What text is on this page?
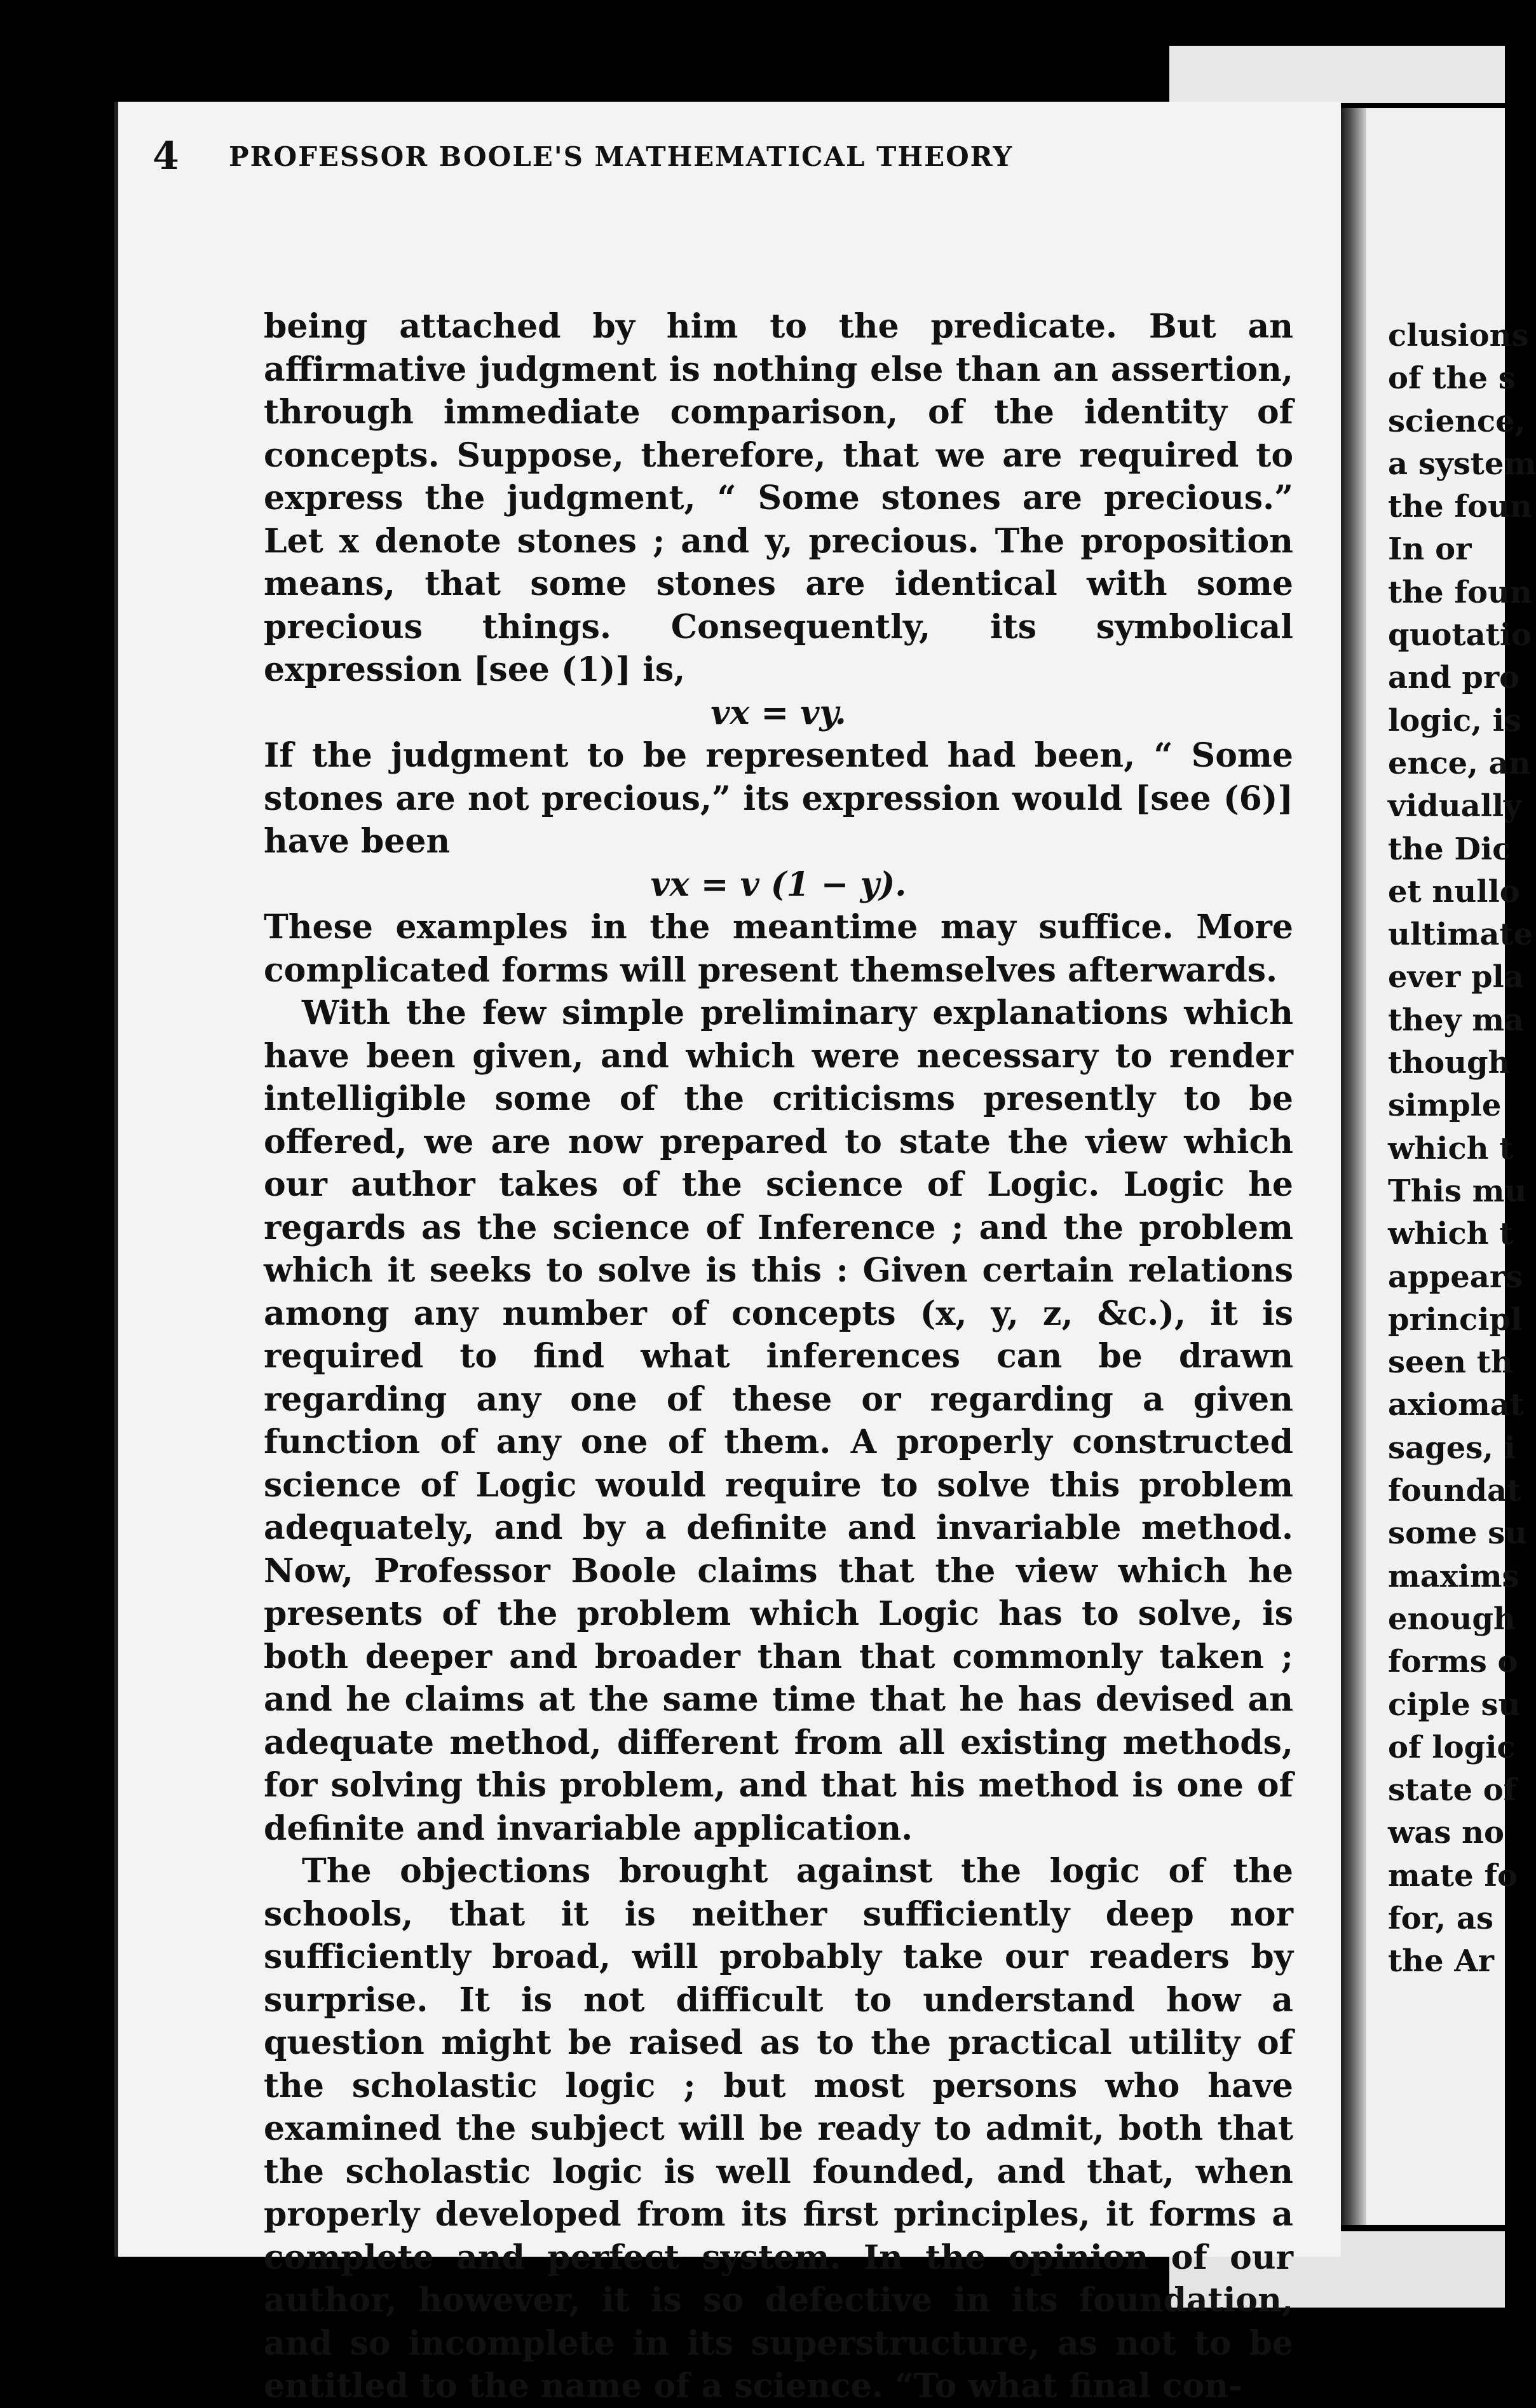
4	PROFESSOR BOOLE'S MATHEMATICAL THEORY

being attached by him to the predicate. But an affirmative judgment is nothing else than an assertion, through immediate comparison, of the identity of concepts. Suppose, therefore, that we are required to express the judgment, “ Some stones are precious.” Let x denote stones ; and y, precious. The proposition means, that some stones are identical with some precious things. Consequently, its symbolical expression [see (1)] is,

vx = vy.

If the judgment to be represented had been, “ Some stones are not precious,” its expression would [see (6)] have been

vx = v (1 − y).

These examples in the meantime may suffice. More complicated forms will present themselves afterwards.

With the few simple preliminary explanations which have been given, and which were necessary to render intelligible some of the criticisms presently to be offered, we are now prepared to state the view which our author takes of the science of Logic. Logic he regards as the science of Inference ; and the problem which it seeks to solve is this : Given certain relations among any number of concepts (x, y, z, &c.), it is required to find what inferences can be drawn regarding any one of these or regarding a given function of any one of them. A properly constructed science of Logic would require to solve this problem adequately, and by a definite and invariable method. Now, Professor Boole claims that the view which he presents of the problem which Logic has to solve, is both deeper and broader than that commonly taken ; and he claims at the same time that he has devised an adequate method, different from all existing methods, for solving this problem, and that his method is one of definite and invariable application.

The objections brought against the logic of the schools, that it is neither sufficiently deep nor sufficiently broad, will probably take our readers by surprise. It is not difficult to understand how a question might be raised as to the practical utility of the scholastic logic ; but most persons who have examined the subject will be ready to admit, both that the scholastic logic is well founded, and that, when properly developed from its first principles, it forms a complete and perfect system. In the opinion of our author, however, it is so defective in its foundation, and so incomplete in its superstructure, as not to be entitled to the name of a science. “To what final con-

clusions
of the s
science,
a system
the foun
In or
the foun
quotatio
and pro
logic, is
ence, an
vidually
the Dic
et nullo
ultimate
ever pla
they ma
though
simple
which t
This mu
which t
appears
principl
seen th
axiomat
sages, i
foundat
some su
maxims
enough
forms o
ciple su
of logic
state of
was no
mate fo
for, as
the Ar
